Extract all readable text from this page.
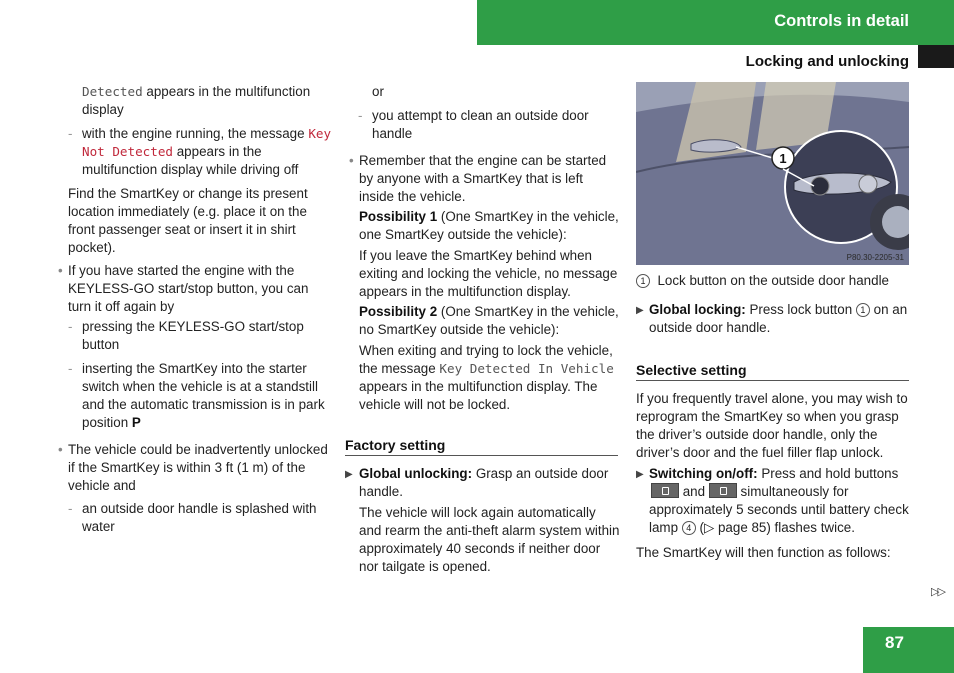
Controls in detail
Locking and unlocking

Detected appears in the multifunction display

- with the engine running, the message Key Not Detected appears in the multifunction display while driving off

Find the SmartKey or change its present location immediately (e.g. place it on the front passenger seat or insert it in shirt pocket).

• If you have started the engine with the KEYLESS-GO start/stop button, you can turn it off again by

- pressing the KEYLESS-GO start/stop button

- inserting the SmartKey into the starter switch when the vehicle is at a standstill and the automatic transmission is in park position P

• The vehicle could be inadvertently unlocked if the SmartKey is within 3 ft (1 m) of the vehicle and

- an outside door handle is splashed with water

or

- you attempt to clean an outside door handle

• Remember that the engine can be started by anyone with a SmartKey that is left inside the vehicle.

Possibility 1 (One SmartKey in the vehicle, one SmartKey outside the vehicle):

If you leave the SmartKey behind when exiting and locking the vehicle, no message appears in the multifunction display.

Possibility 2 (One SmartKey in the vehicle, no SmartKey outside the vehicle):

When exiting and trying to lock the vehicle, the message Key Detected In Vehicle appears in the multifunction display. The vehicle will not be locked.

Factory setting
▶ Global unlocking: Grasp an outside door handle.

The vehicle will lock again automatically and rearm the anti-theft alarm system within approximately 40 seconds if neither door nor tailgate is opened.

1
P80.30-2205-31

1 Lock button on the outside door handle

▶ Global locking: Press lock button 1 on an outside door handle.

Selective setting

If you frequently travel alone, you may wish to reprogram the SmartKey so when you grasp the driver’s outside door handle, only the driver’s door and the fuel filler flap unlock.

▶ Switching on/off: Press and hold buttons
and	simultaneously for approximately 5 seconds until battery check lamp 4 (▷ page 85) flashes twice.

The SmartKey will then function as follows:

▷▷
87
